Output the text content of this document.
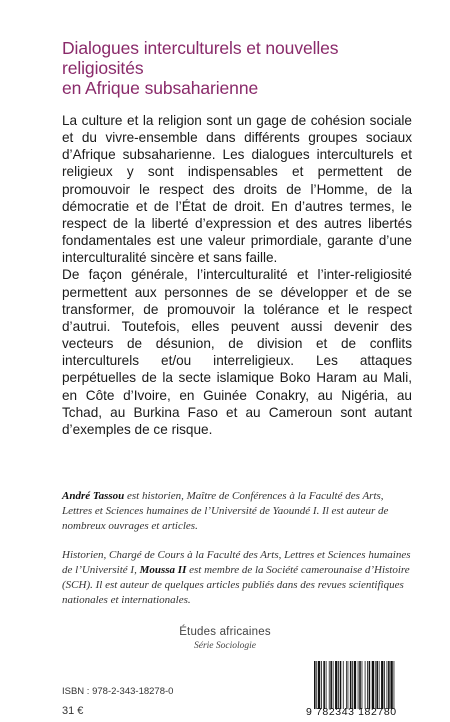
Dialogues interculturels et nouvelles religiosités
en Afrique subsaharienne

La culture et la religion sont un gage de cohésion sociale et du vivre-ensemble dans différents groupes sociaux d’Afrique subsaharienne. Les dialogues interculturels et religieux y sont indispensables et permettent de promouvoir le respect des droits de l’Homme, de la démocratie et de l’État de droit. En d’autres termes, le respect de la liberté d’expression et des autres libertés fondamentales est une valeur primordiale, garante d’une interculturalité sincère et sans faille.

De façon générale, l’interculturalité et l’inter-religiosité permettent aux personnes de se développer et de se transformer, de promouvoir la tolérance et le respect d’autrui. Toutefois, elles peuvent aussi devenir des vecteurs de désunion, de division et de conflits interculturels et/ou interreligieux. Les attaques perpétuelles de la secte islamique Boko Haram au Mali, en Côte d’Ivoire, en Guinée Conakry, au Nigéria, au Tchad, au Burkina Faso et au Cameroun sont autant d’exemples de ce risque.

André Tassou est historien, Maître de Conférences à la Faculté des Arts, Lettres et Sciences humaines de l’Université de Yaoundé I. Il est auteur de nombreux ouvrages et articles.
Historien, Chargé de Cours à la Faculté des Arts, Lettres et Sciences humaines de l’Université I, Moussa II est membre de la Société camerounaise d’Histoire (SCH). Il est auteur de quelques articles publiés dans des revues scientifiques nationales et internationales.
Études africaines
Série Sociologie
ISBN : 978-2-343-18278-0
31 €	9 782343 182780
